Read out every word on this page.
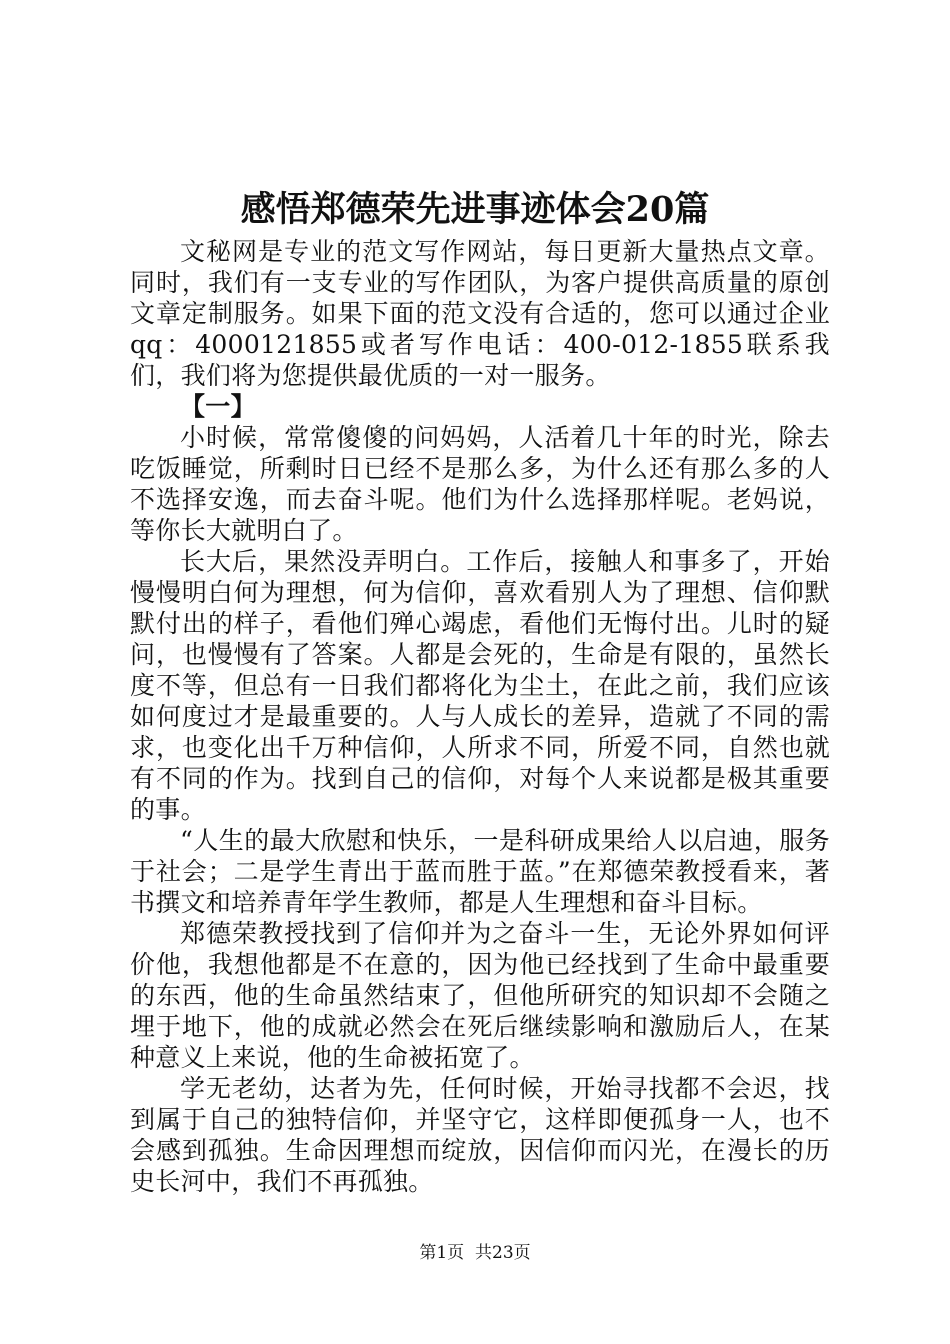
感悟郑德荣先进事迹体会20篇

文秘网是专业的范文写作网站，每日更新大量热点文章。同时，我们有一支专业的写作团队，为客户提供高质量的原创文章定制服务。如果下面的范文没有合适的，您可以通过企业qq：4000121855或者写作电话：400-012-1855联系我们，我们将为您提供最优质的一对一服务。

【一】

小时候，常常傻傻的问妈妈，人活着几十年的时光，除去吃饭睡觉，所剩时日已经不是那么多，为什么还有那么多的人不选择安逸，而去奋斗呢。他们为什么选择那样呢。老妈说，等你长大就明白了。

长大后，果然没弄明白。工作后，接触人和事多了，开始慢慢明白何为理想，何为信仰，喜欢看别人为了理想、信仰默默付出的样子，看他们殚心竭虑，看他们无悔付出。儿时的疑问，也慢慢有了答案。人都是会死的，生命是有限的，虽然长度不等，但总有一日我们都将化为尘土，在此之前，我们应该如何度过才是最重要的。人与人成长的差异，造就了不同的需求，也变化出千万种信仰，人所求不同，所爱不同，自然也就有不同的作为。找到自己的信仰，对每个人来说都是极其重要的事。

“人生的最大欣慰和快乐，一是科研成果给人以启迪，服务于社会；二是学生青出于蓝而胜于蓝。”在郑德荣教授看来，著书撰文和培养青年学生教师，都是人生理想和奋斗目标。

郑德荣教授找到了信仰并为之奋斗一生，无论外界如何评价他，我想他都是不在意的，因为他已经找到了生命中最重要的东西，他的生命虽然结束了，但他所研究的知识却不会随之埋于地下，他的成就必然会在死后继续影响和激励后人，在某种意义上来说，他的生命被拓宽了。

学无老幼，达者为先，任何时候，开始寻找都不会迟，找到属于自己的独特信仰，并坚守它，这样即便孤身一人，也不会感到孤独。生命因理想而绽放，因信仰而闪光，在漫长的历史长河中，我们不再孤独。

第1页 共23页
